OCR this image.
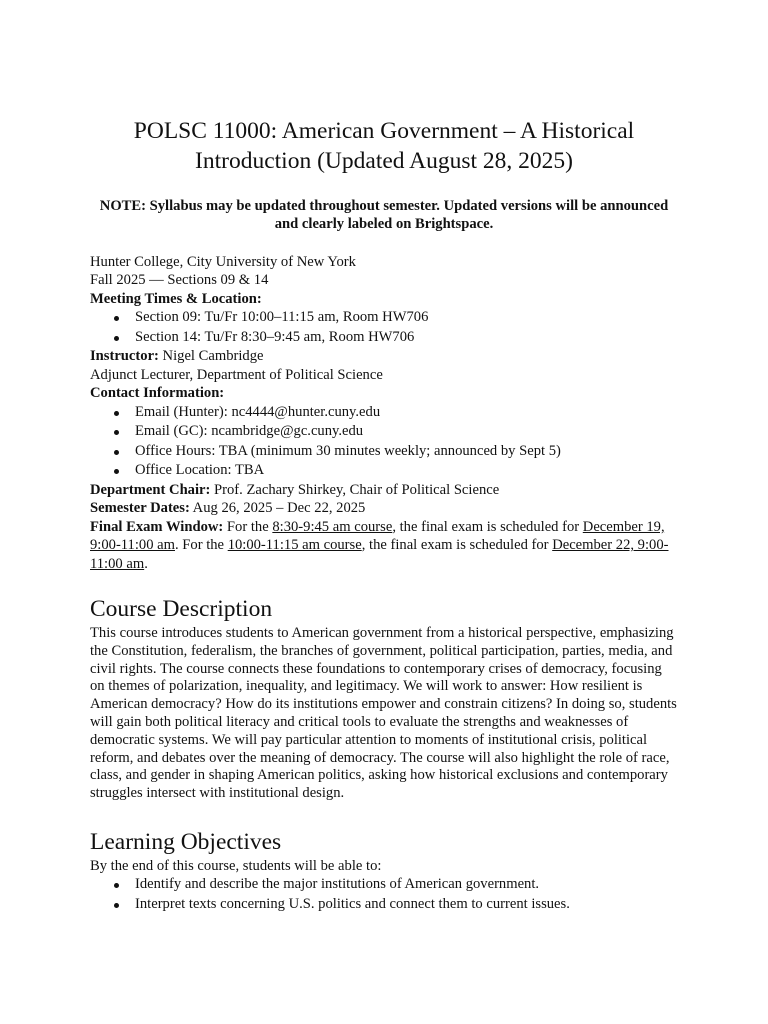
POLSC 11000: American Government – A Historical
Introduction (Updated August 28, 2025)

NOTE: Syllabus may be updated throughout semester. Updated versions will be announced
and clearly labeled on Brightspace.

Hunter College, City University of New York
Fall 2025 — Sections 09 & 14
Meeting Times & Location:
Section 09: Tu/Fr 10:00–11:15 am, Room HW706
Section 14: Tu/Fr 8:30–9:45 am, Room HW706
Instructor: Nigel Cambridge
Adjunct Lecturer, Department of Political Science
Contact Information:
Email (Hunter): nc4444@hunter.cuny.edu
Email (GC): ncambridge@gc.cuny.edu
Office Hours: TBA (minimum 30 minutes weekly; announced by Sept 5)
Office Location: TBA
Department Chair: Prof. Zachary Shirkey, Chair of Political Science
Semester Dates: Aug 26, 2025 – Dec 22, 2025
Final Exam Window: For the 8:30-9:45 am course, the final exam is scheduled for December 19, 9:00-11:00 am. For the 10:00-11:15 am course, the final exam is scheduled for December 22, 9:00-11:00 am.
Course Description

This course introduces students to American government from a historical perspective, emphasizing the Constitution, federalism, the branches of government, political participation, parties, media, and civil rights. The course connects these foundations to contemporary crises of democracy, focusing on themes of polarization, inequality, and legitimacy. We will work to answer: How resilient is American democracy? How do its institutions empower and constrain citizens? In doing so, students will gain both political literacy and critical tools to evaluate the strengths and weaknesses of democratic systems. We will pay particular attention to moments of institutional crisis, political reform, and debates over the meaning of democracy. The course will also highlight the role of race, class, and gender in shaping American politics, asking how historical exclusions and contemporary struggles intersect with institutional design.

Learning Objectives
By the end of this course, students will be able to:
Identify and describe the major institutions of American government.
Interpret texts concerning U.S. politics and connect them to current issues.
